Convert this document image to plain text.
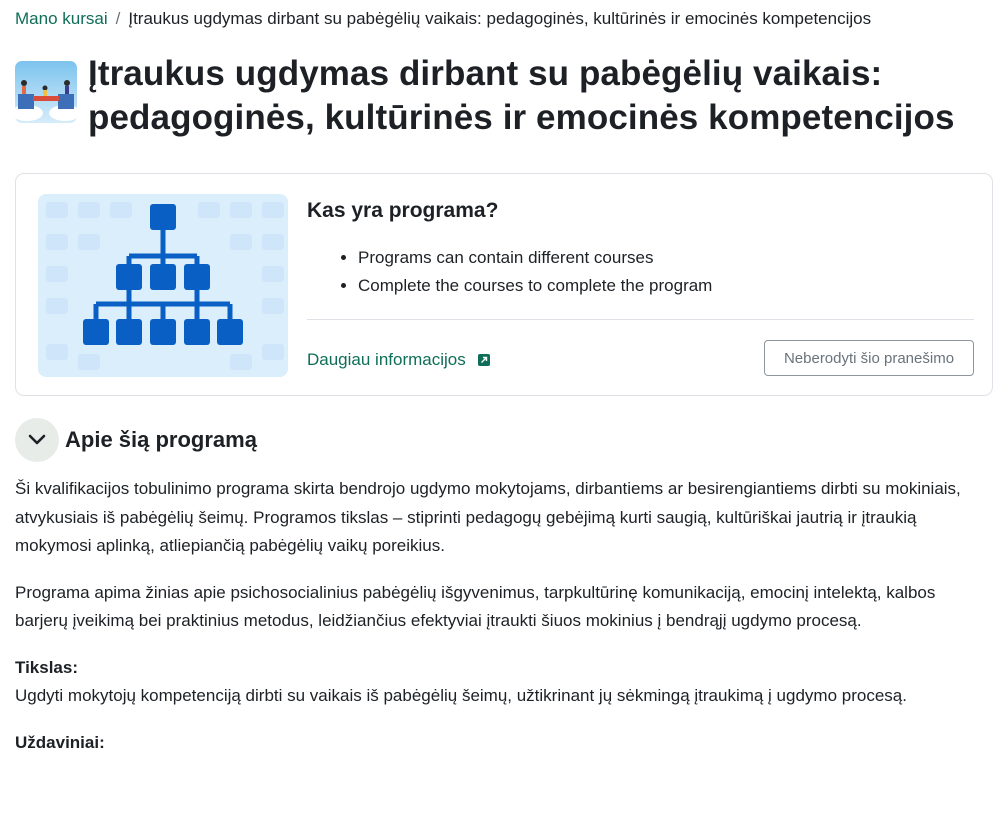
Mano kursai / Įtraukus ugdymas dirbant su pabėgėlių vaikais: pedagoginės, kultūrinės ir emocinės kompetencijos
Įtraukus ugdymas dirbant su pabėgėlių vaikais: pedagoginės, kultūrinės ir emocinės kompetencijos
Kas yra programa?
• Programs can contain different courses
• Complete the courses to complete the program
Daugiau informacijos	Neberodyti šio pranešimo
Apie šią programą

Ši kvalifikacijos tobulinimo programa skirta bendrojo ugdymo mokytojams, dirbantiems ar besirengiantiems dirbti su mokiniais, atvykusiais iš pabėgėlių šeimų. Programos tikslas – stiprinti pedagogų gebėjimą kurti saugią, kultūriškai jautrią ir įtraukią mokymosi aplinką, atliepiančią pabėgėlių vaikų poreikius.

Programa apima žinias apie psichosocialinius pabėgėlių išgyvenimus, tarpkultūrinę komunikaciją, emocinį intelektą, kalbos barjerų įveikimą bei praktinius metodus, leidžiančius efektyviai įtraukti šiuos mokinius į bendrąjį ugdymo procesą.

Tikslas:
Ugdyti mokytojų kompetenciją dirbti su vaikais iš pabėgėlių šeimų, užtikrinant jų sėkmingą įtraukimą į ugdymo procesą.

Uždaviniai:
